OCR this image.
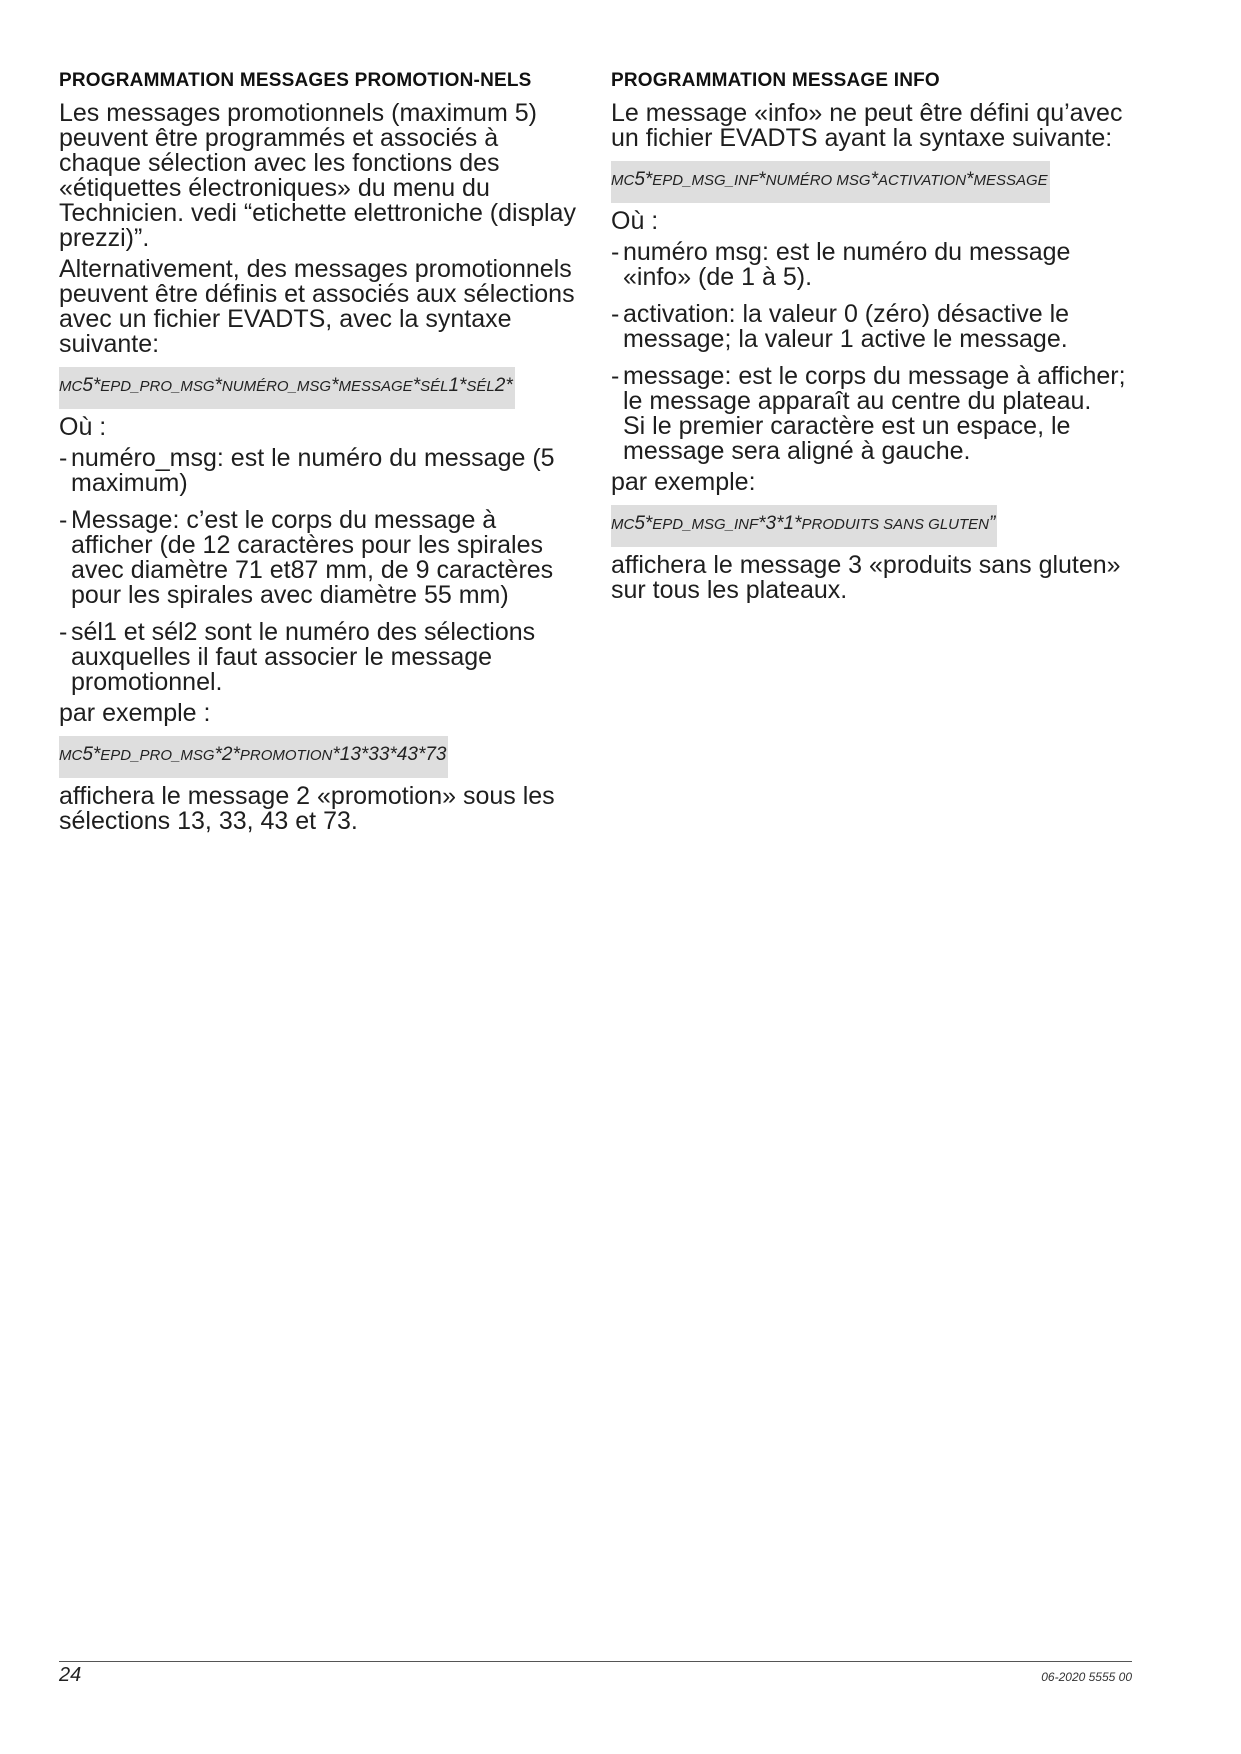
PROGRAMMATION MESSAGES PROMOTION-NELS

Les messages promotionnels (maximum 5) peuvent être programmés et associés à chaque sélection avec les fonctions des «étiquettes électroniques» du menu du Technicien. vedi “etichette elettroniche (display prezzi)”.

Alternativement, des messages promotionnels peuvent être définis et associés aux sélections avec un fichier EVADTS, avec la syntaxe suivante:

MC5*EPD_PRO_MSG*NUMÉRO_MSG*MESSAGE*SÉL1*SÉL2*

Où :

- numéro_msg: est le numéro du message (5 maximum)
- Message: c’est le corps du message à afficher (de 12 caractères pour les spirales avec diamètre 71 et87 mm, de 9 caractères pour les spirales avec diamètre 55 mm)
- sél1 et sél2 sont le numéro des sélections auxquelles il faut associer le message promotionnel.

par exemple :

MC5*EPD_PRO_MSG*2*PROMOTION*13*33*43*73

affichera le message 2 «promotion» sous les sélections 13, 33, 43 et 73.

PROGRAMMATION MESSAGE INFO

Le message «info» ne peut être défini qu’avec un fichier EVADTS ayant la syntaxe suivante:

MC5*EPD_MSG_INF*NUMÉRO MSG*ACTIVATION*MESSAGE

Où :

- numéro msg: est le numéro du message «info» (de 1 à 5).
- activation: la valeur 0 (zéro) désactive le message; la valeur 1 active le message.
- message: est le corps du message à afficher; le message apparaît au centre du plateau.
Si le premier caractère est un espace, le message sera aligné à gauche.

par exemple:

MC5*EPD_MSG_INF*3*1*PRODUITS SANS GLUTEN”

affichera le message 3 «produits sans gluten» sur tous les plateaux.

24	06-2020 5555 00
